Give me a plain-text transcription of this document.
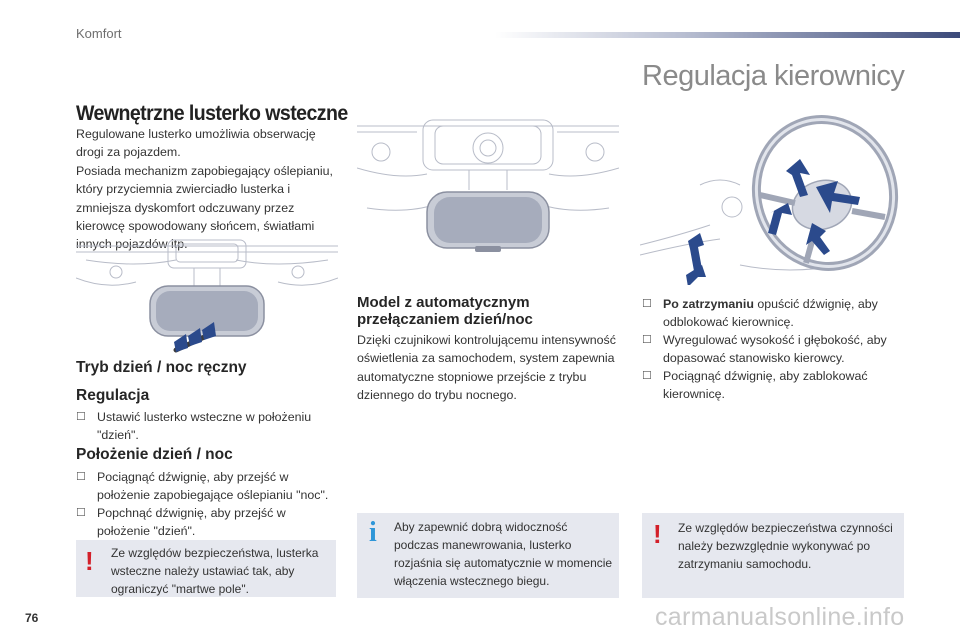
Komfort
Regulacja kierownicy
Wewnętrzne lusterko wsteczne
Regulowane lusterko umożliwia obserwację
drogi za pojazdem.
Posiada mechanizm zapobiegający oślepianiu,
który przyciemnia zwierciadło lusterka i
zmniejsza dyskomfort odczuwany przez
kierowcę spowodowany słońcem, światłami
innych pojazdów itp.
Tryb dzień / noc ręczny
Regulacja
☐ Ustawić lusterko wsteczne w położeniu "dzień".
Położenie dzień / noc
☐ Pociągnąć dźwignię, aby przejść w położenie zapobiegające oślepianiu "noc".
☐ Popchnąć dźwignię, aby przejść w położenie "dzień".
! Ze względów bezpieczeństwa, lusterka wsteczne należy ustawiać tak, aby ograniczyć "martwe pole".
Model z automatycznym
przełączaniem dzień/noc
Dzięki czujnikowi kontrolującemu intensywność oświetlenia za samochodem, system zapewnia automatyczne stopniowe przejście z trybu dziennego do trybu nocnego.
i Aby zapewnić dobrą widoczność podczas manewrowania, lusterko rozjaśnia się automatycznie w momencie włączenia wstecznego biegu.
☐ Po zatrzymaniu opuścić dźwignię, aby odblokować kierownicę.
☐ Wyregulować wysokość i głębokość, aby dopasować stanowisko kierowcy.
☐ Pociągnąć dźwignię, aby zablokować kierownicę.
! Ze względów bezpieczeństwa czynności należy bezwzględnie wykonywać po zatrzymaniu samochodu.
76	carmanualsonline.info
